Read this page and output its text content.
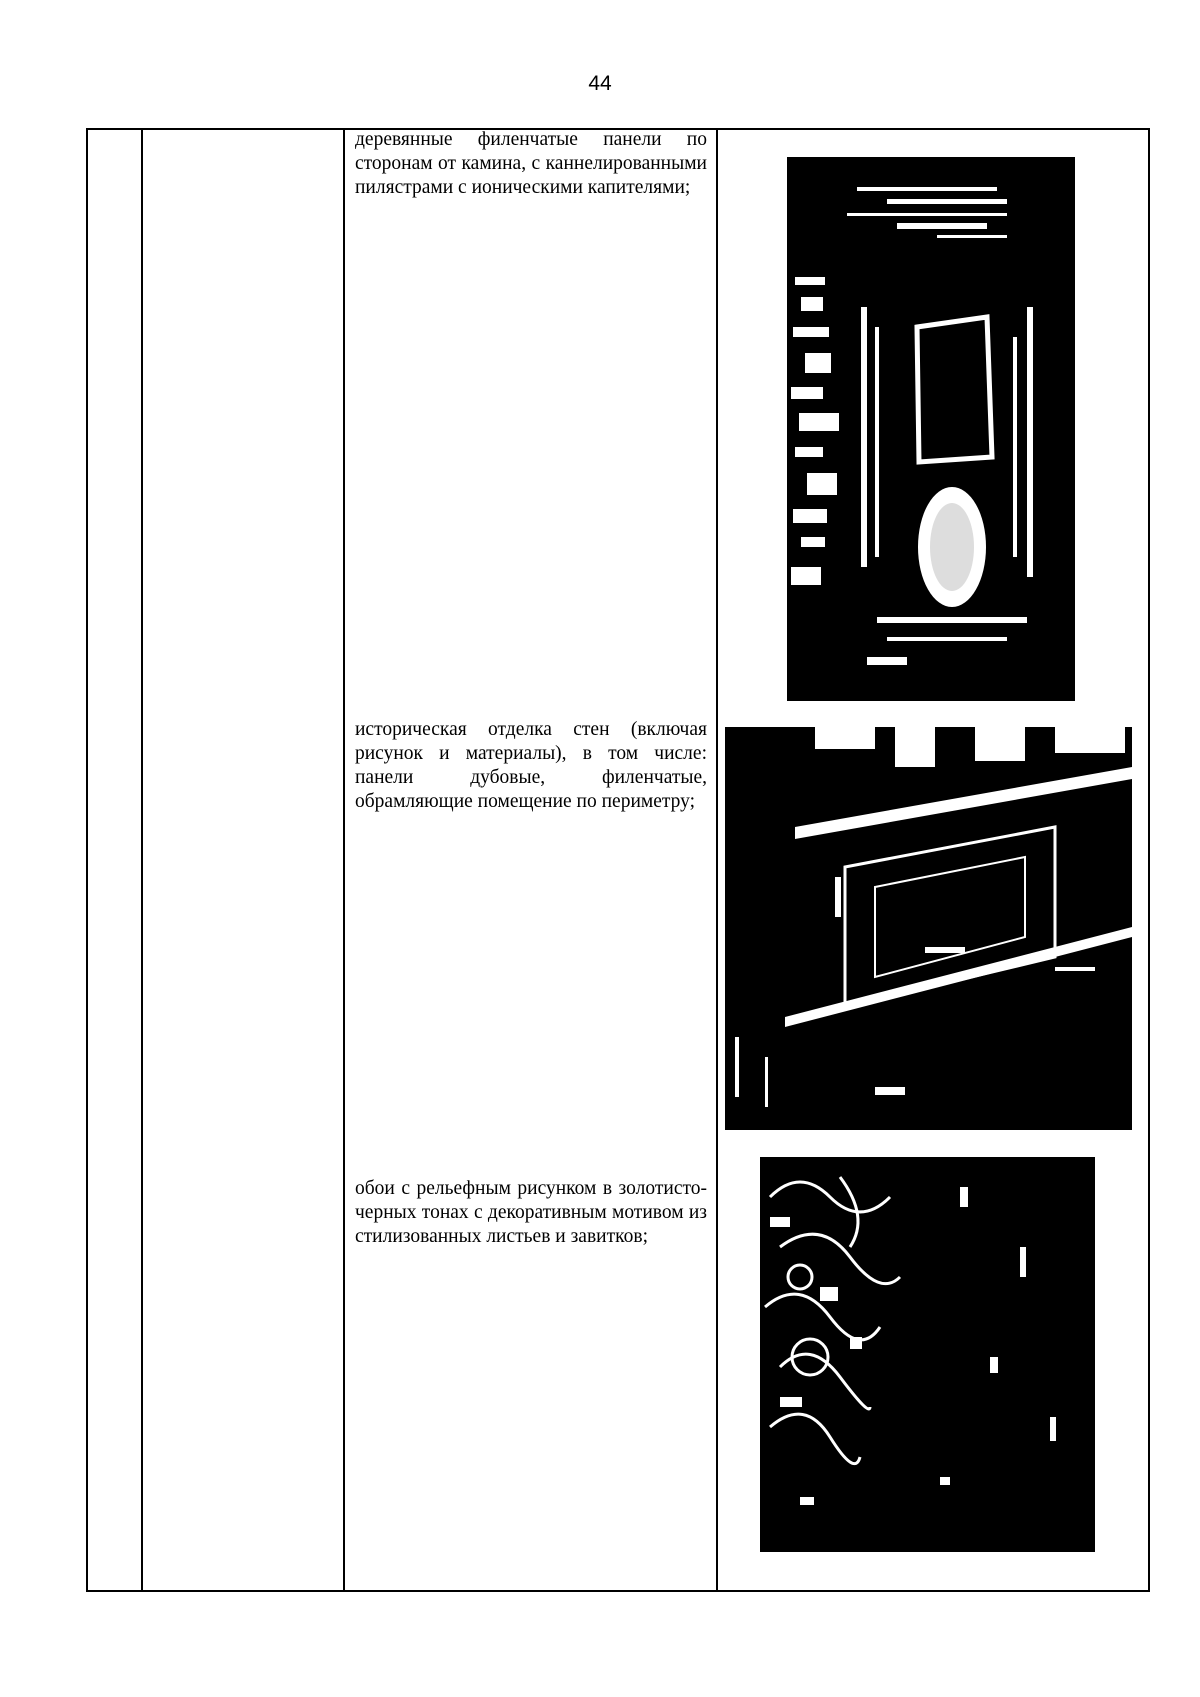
44
деревянные филенчатые панели по сторонам от камина, с каннелированными пилястрами с ионическими капителями;
историческая отделка стен (включая рисунок и материалы), в том числе: панели дубовые, филенчатые, обрамляющие помещение по периметру;
обои с рельефным рисунком в золотисто-черных тонах с декоративным мотивом из стилизованных листьев и завитков;
